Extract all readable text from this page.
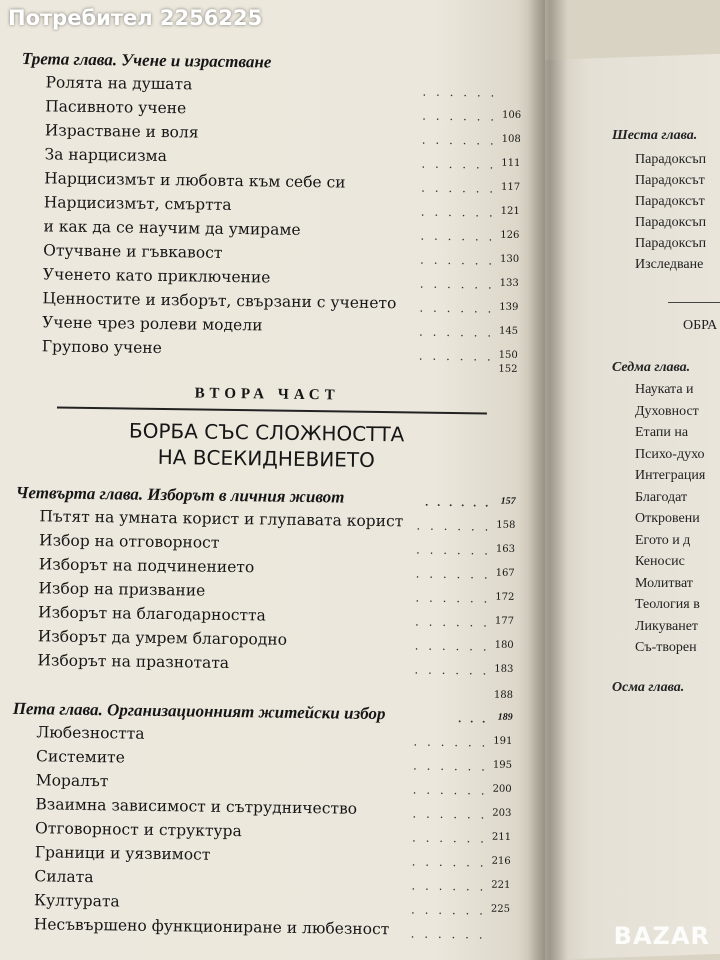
Трета глава. Учене и израстване
Ролята на душата	. . . . . .
Пасивното учене	. . . . . . 106
Израстване и воля	. . . . . . 108
За нарцисизма	. . . . . . 111
Нарцисизмът и любовта към себе си	. . . . . . 117
Нарцисизмът, смъртта	. . . . . . 121
и как да се научим да умираме	. . . . . . 126
Отучване и гъвкавост	. . . . . . 130
Ученето като приключение	. . . . . . 133
Ценностите и изборът, свързани с ученето . . . . . . 139
Учене чрез ролеви модели	. . . . . . 145
Групово учене	. . . . . . 150
152
ВТОРА ЧАСТ
БОРБА СЪС СЛОЖНОСТТА
НА ВСЕКИДНЕВИЕТО
Четвърта глава. Изборът в личния живот	. . . . . . 157
Пътят на умната корист и глупавата корист . . . . . . 158
Избор на отговорност	. . . . . . 163
Изборът на подчинението	. . . . . . 167
Избор на призвание	. . . . . . 172
Изборът на благодарността	. . . . . . 177
Изборът да умрем благородно	. . . . . . 180
Изборът на празнотата	. . . . . . 183
188
Пета глава. Организационният житейски избор	. . . 189
Любезността	. . . . . . 191
Системите	. . . . . . 195
Моралът	. . . . . . 200
Взаимна зависимост и сътрудничество	. . . . . . 203
Отговорност и структура	. . . . . . 211
Граници и уязвимост	. . . . . . 216
Силата	. . . . . . 221
Културата	. . . . . . 225
Несъвършено функциониране и любезност . . . . . .
Шеста глава.
Парадоксъп
Парадоксът
Парадоксът
Парадоксъп
Парадоксъп
Изследване
ОБРА
Седма глава.
Науката и
Духовност
Етапи на
Психо-духо
Интеграция
Благодат
Откровени
Егото и д
Кеносис
Молитват
Теология в
Ликуванет
Съ-творен
Осма глава.
Потребител 2256225
BAZAR
